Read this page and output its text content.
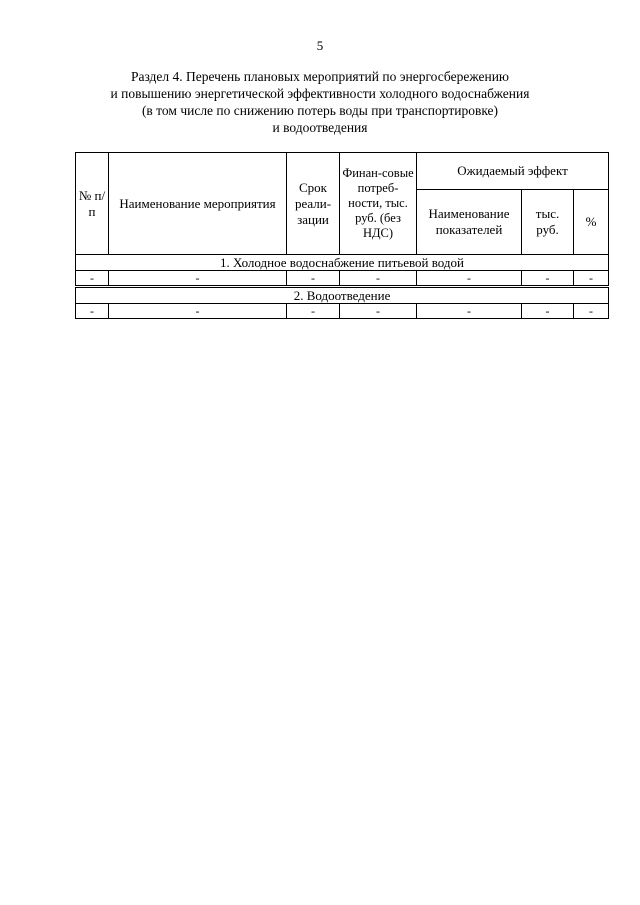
5
Раздел 4. Перечень плановых мероприятий по энергосбережению
и повышению энергетической эффективности холодного водоснабжения
(в том числе по снижению потерь воды при транспортировке)
и водоотведения
№ п/п	Наименование мероприятия	Срок реали-зации	Финан-совые потреб-ности, тыс. руб. (без НДС)	Ожидаемый эффект		
				Наименование показателей	тыс. руб.	%
1. Холодное водоснабжение питьевой водой						
-	-	-	-	-	-	-
2. Водоотведение						
-	-	-	-	-	-	-
